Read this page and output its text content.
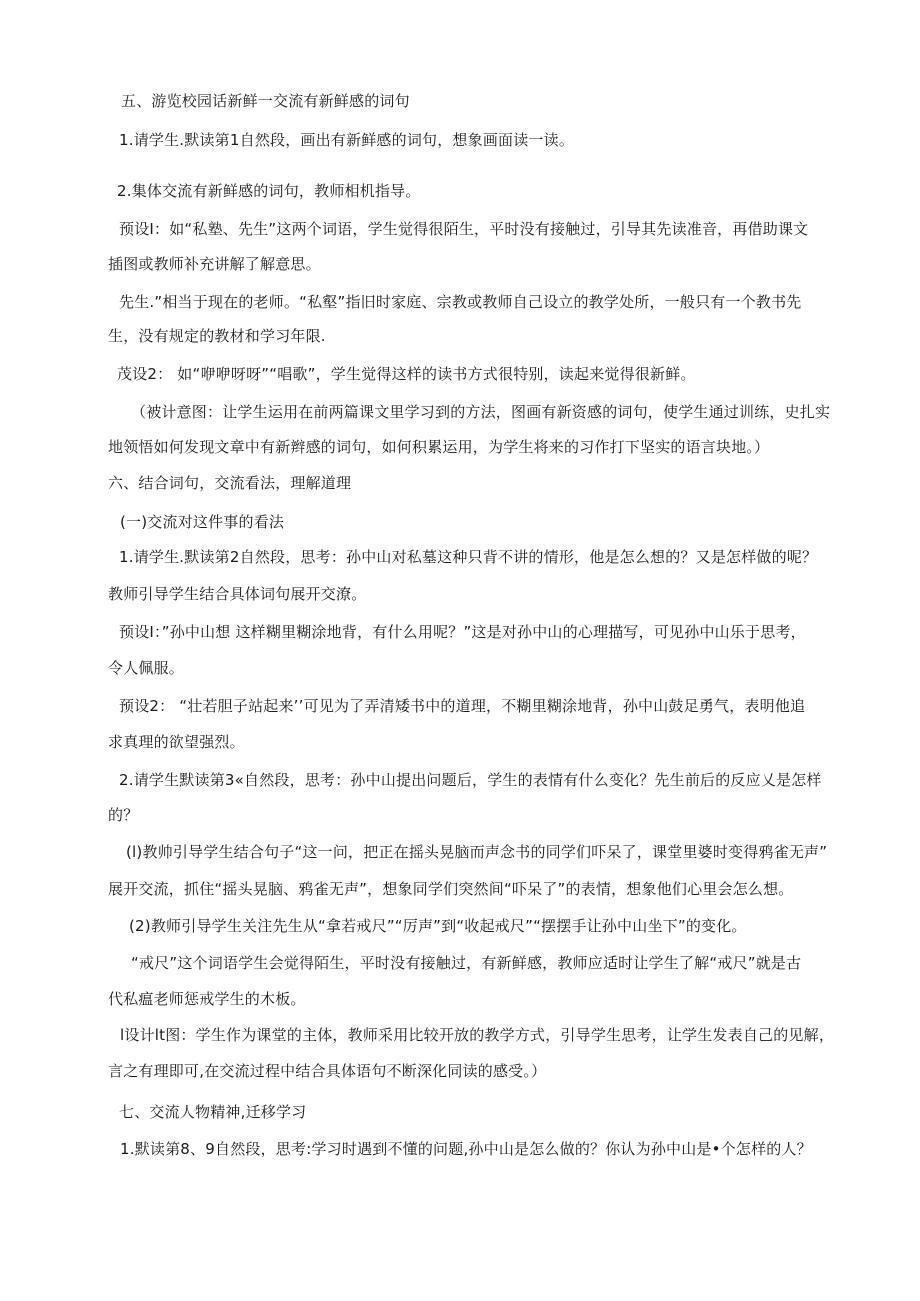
五、游览校园话新鲜一交流有新鲜感的词句
1.请学生.默读第1自然段，画出有新鲜感的词句，想象画面读一读。
2.集体交流有新鲜感的词句，教师相机指导。
预设I：如“私塾、先生”这两个词语，学生觉得很陌生，平时没有接触过，引导其先读准音，再借助课文
插图或教师补充讲解了解意思。
先生.”相当于现在的老师。“私壑”指旧时家庭、宗教或教师自己设立的教学处所，一般只有一个教书先
生，没有规定的教材和学习年限.
茂设2： 如“咿咿呀呀”“唱歌”，学生觉得这样的读书方式很特别，读起来觉得很新鲜。
（被计意图：让学生运用在前两篇课文里学习到的方法，图画有新资感的词句，使学生通过训练，史扎实
地领悟如何发现文章中有新辫感的词句，如何积累运用，为学生将来的习作打下坚实的语言块地。）
六、结合词句，交流看法，理解道理
(一)交流对这件事的看法
1.请学生.默读第2自然段，思考：孙中山对私墓这种只背不讲的情形，他是怎么想的？又是怎样做的呢？
教师引导学生结合具体词句展开交潦。
预设I：”孙中山想 这样糊里糊涂地背，有什么用呢？”这是对孙中山的心理描写，可见孙中山乐于思考，
令人佩服。
预设2： “壮若胆子站起来’’可见为了弄清矮书中的道理，不糊里糊涂地背，孙中山鼓足勇气，表明他追
求真理的欲望强烈。
2.请学生默读第3«自然段，思考：孙中山提出问题后，学生的表情有什么变化？先生前后的反应乂是怎样
的？
(l)教帅引导学生结合句子“这一问，把正在摇头晃脑而声念书的同学们吓呆了，课堂里婆时变得鸦雀无声”
展开交流，抓住“摇头晃脑、鸦雀无声”，想象同学们突然间“吓呆了”的表情，想象他们心里会怎么想。
(2)教师引导学生关注先生从“拿若戒尺”“厉声”到“收起戒尺”“摆摆手让孙中山坐下”的变化。
“戒尺”这个词语学生会觉得陌生，平时没有接触过，有新鲜感，教师应适时让学生了解“戒尺”就是古
代私瘟老师惩戒学生的木板。
l设计lt图：学生作为课堂的主体，教师采用比较开放的教学方式，引导学生思考，让学生发表自己的见解，
言之有理即可,在交流过程中结合具体语句不断深化同读的感受。）
七、交流人物精神,迁移学习
1.默读第8、9自然段，思考:学习时遇到不懂的问题,孙中山是怎么做的？你认为孙中山是•个怎样的人？
